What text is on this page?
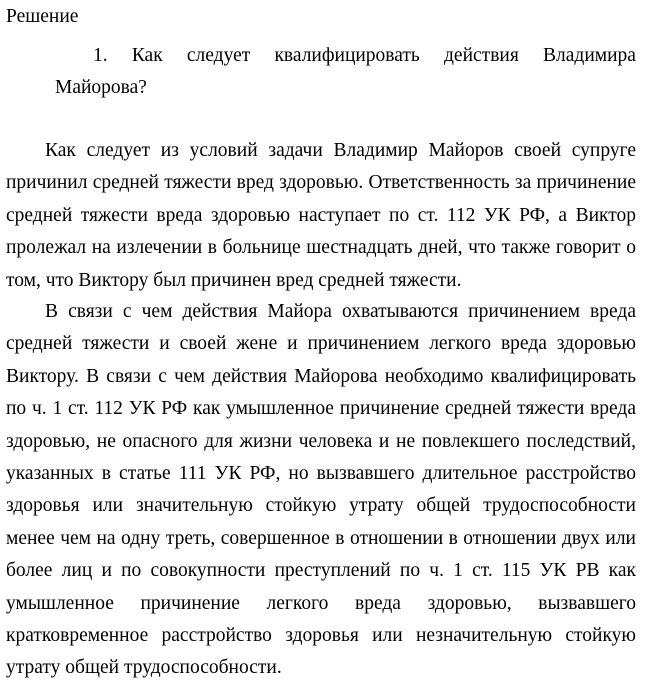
Решение
1. Как следует квалифицировать действия Владимира
Майорова?

Как следует из условий задачи Владимир Майоров своей супруге причинил средней тяжести вред здоровью. Ответственность за причинение средней тяжести вреда здоровью наступает по ст. 112 УК РФ, а Виктор пролежал на излечении в больнице шестнадцать дней, что также говорит о том, что Виктору был причинен вред средней тяжести.

В связи с чем действия Майора охватываются причинением вреда средней тяжести и своей жене и причинением легкого вреда здоровью Виктору. В связи с чем действия Майорова необходимо квалифицировать по ч. 1 ст. 112 УК РФ как умышленное причинение средней тяжести вреда здоровью, не опасного для жизни человека и не повлекшего последствий, указанных в статье 111 УК РФ, но вызвавшего длительное расстройство здоровья или значительную стойкую утрату общей трудоспособности менее чем на одну треть, совершенное в отношении в отношении двух или более лиц и по совокупности преступлений по ч. 1 ст. 115 УК РВ как умышленное причинение легкого вреда здоровью, вызвавшего кратковременное расстройство здоровья или незначительную стойкую утрату общей трудоспособности.
